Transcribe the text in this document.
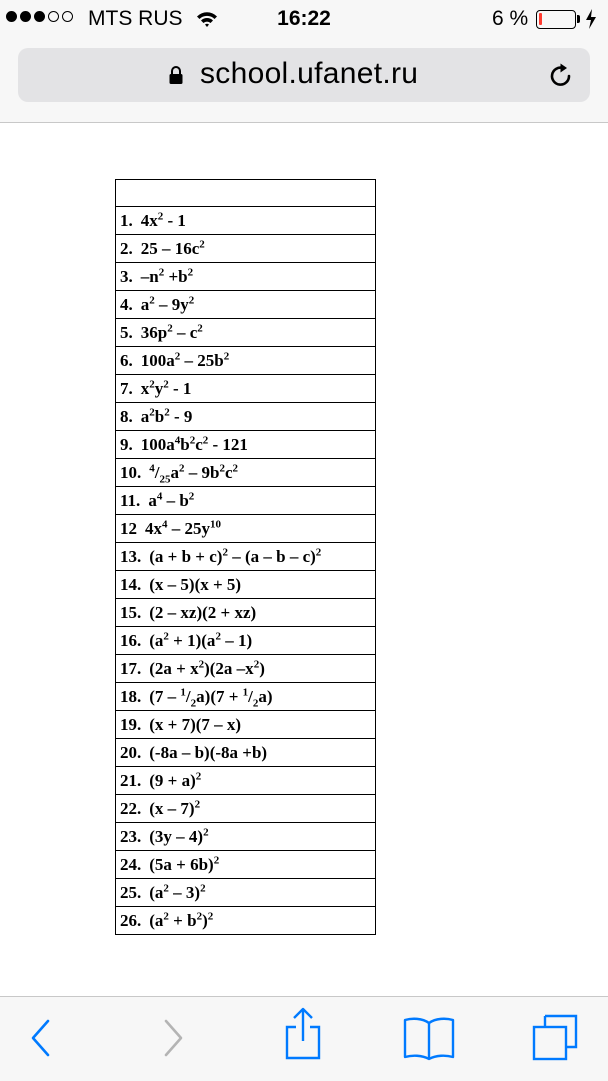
MTS RUS	16:22	6 %
school.ufanet.ru

1. $4x^2 - 1$
2. $25 - 16c^2$
3. $-n^2 +b^2$
4. $a^2 - 9y^2$
5. $36p^2 - c^2$
6. $100a^2 - 25b^2$
7. $x^2y^2 - 1$
8. $a^2b^2 - 9$
9. $100a^4b^2c^2 - 121$
10. $^4/_{25}a^2 - 9b^2c^2$
11. $a^4 - b^2$
12 $4x^4 - 25y^{10}$
13. $(a + b + c)^2 - (a - b - c)^2$
14. (x – 5)(x + 5)
15. (2 – xz)(2 + xz)
16. $(a^2 + 1)(a^2 - 1)$
17. $(2a + x^2)(2a$ $-x^2$)
18. $(7 - ^1/_2a)(7 + ^1/_2a)$
19. (x + 7)(7 – x)
20. (-8a – b)(-8a +b)
21. $(9 + a)^2$
22. (x – 7)$^2$
23. (3y – 4)$^2$
24. $(5a + 6b)^2$
25. $(a^2 - 3)^2$
26. $(a^2 + b^2)^2$
